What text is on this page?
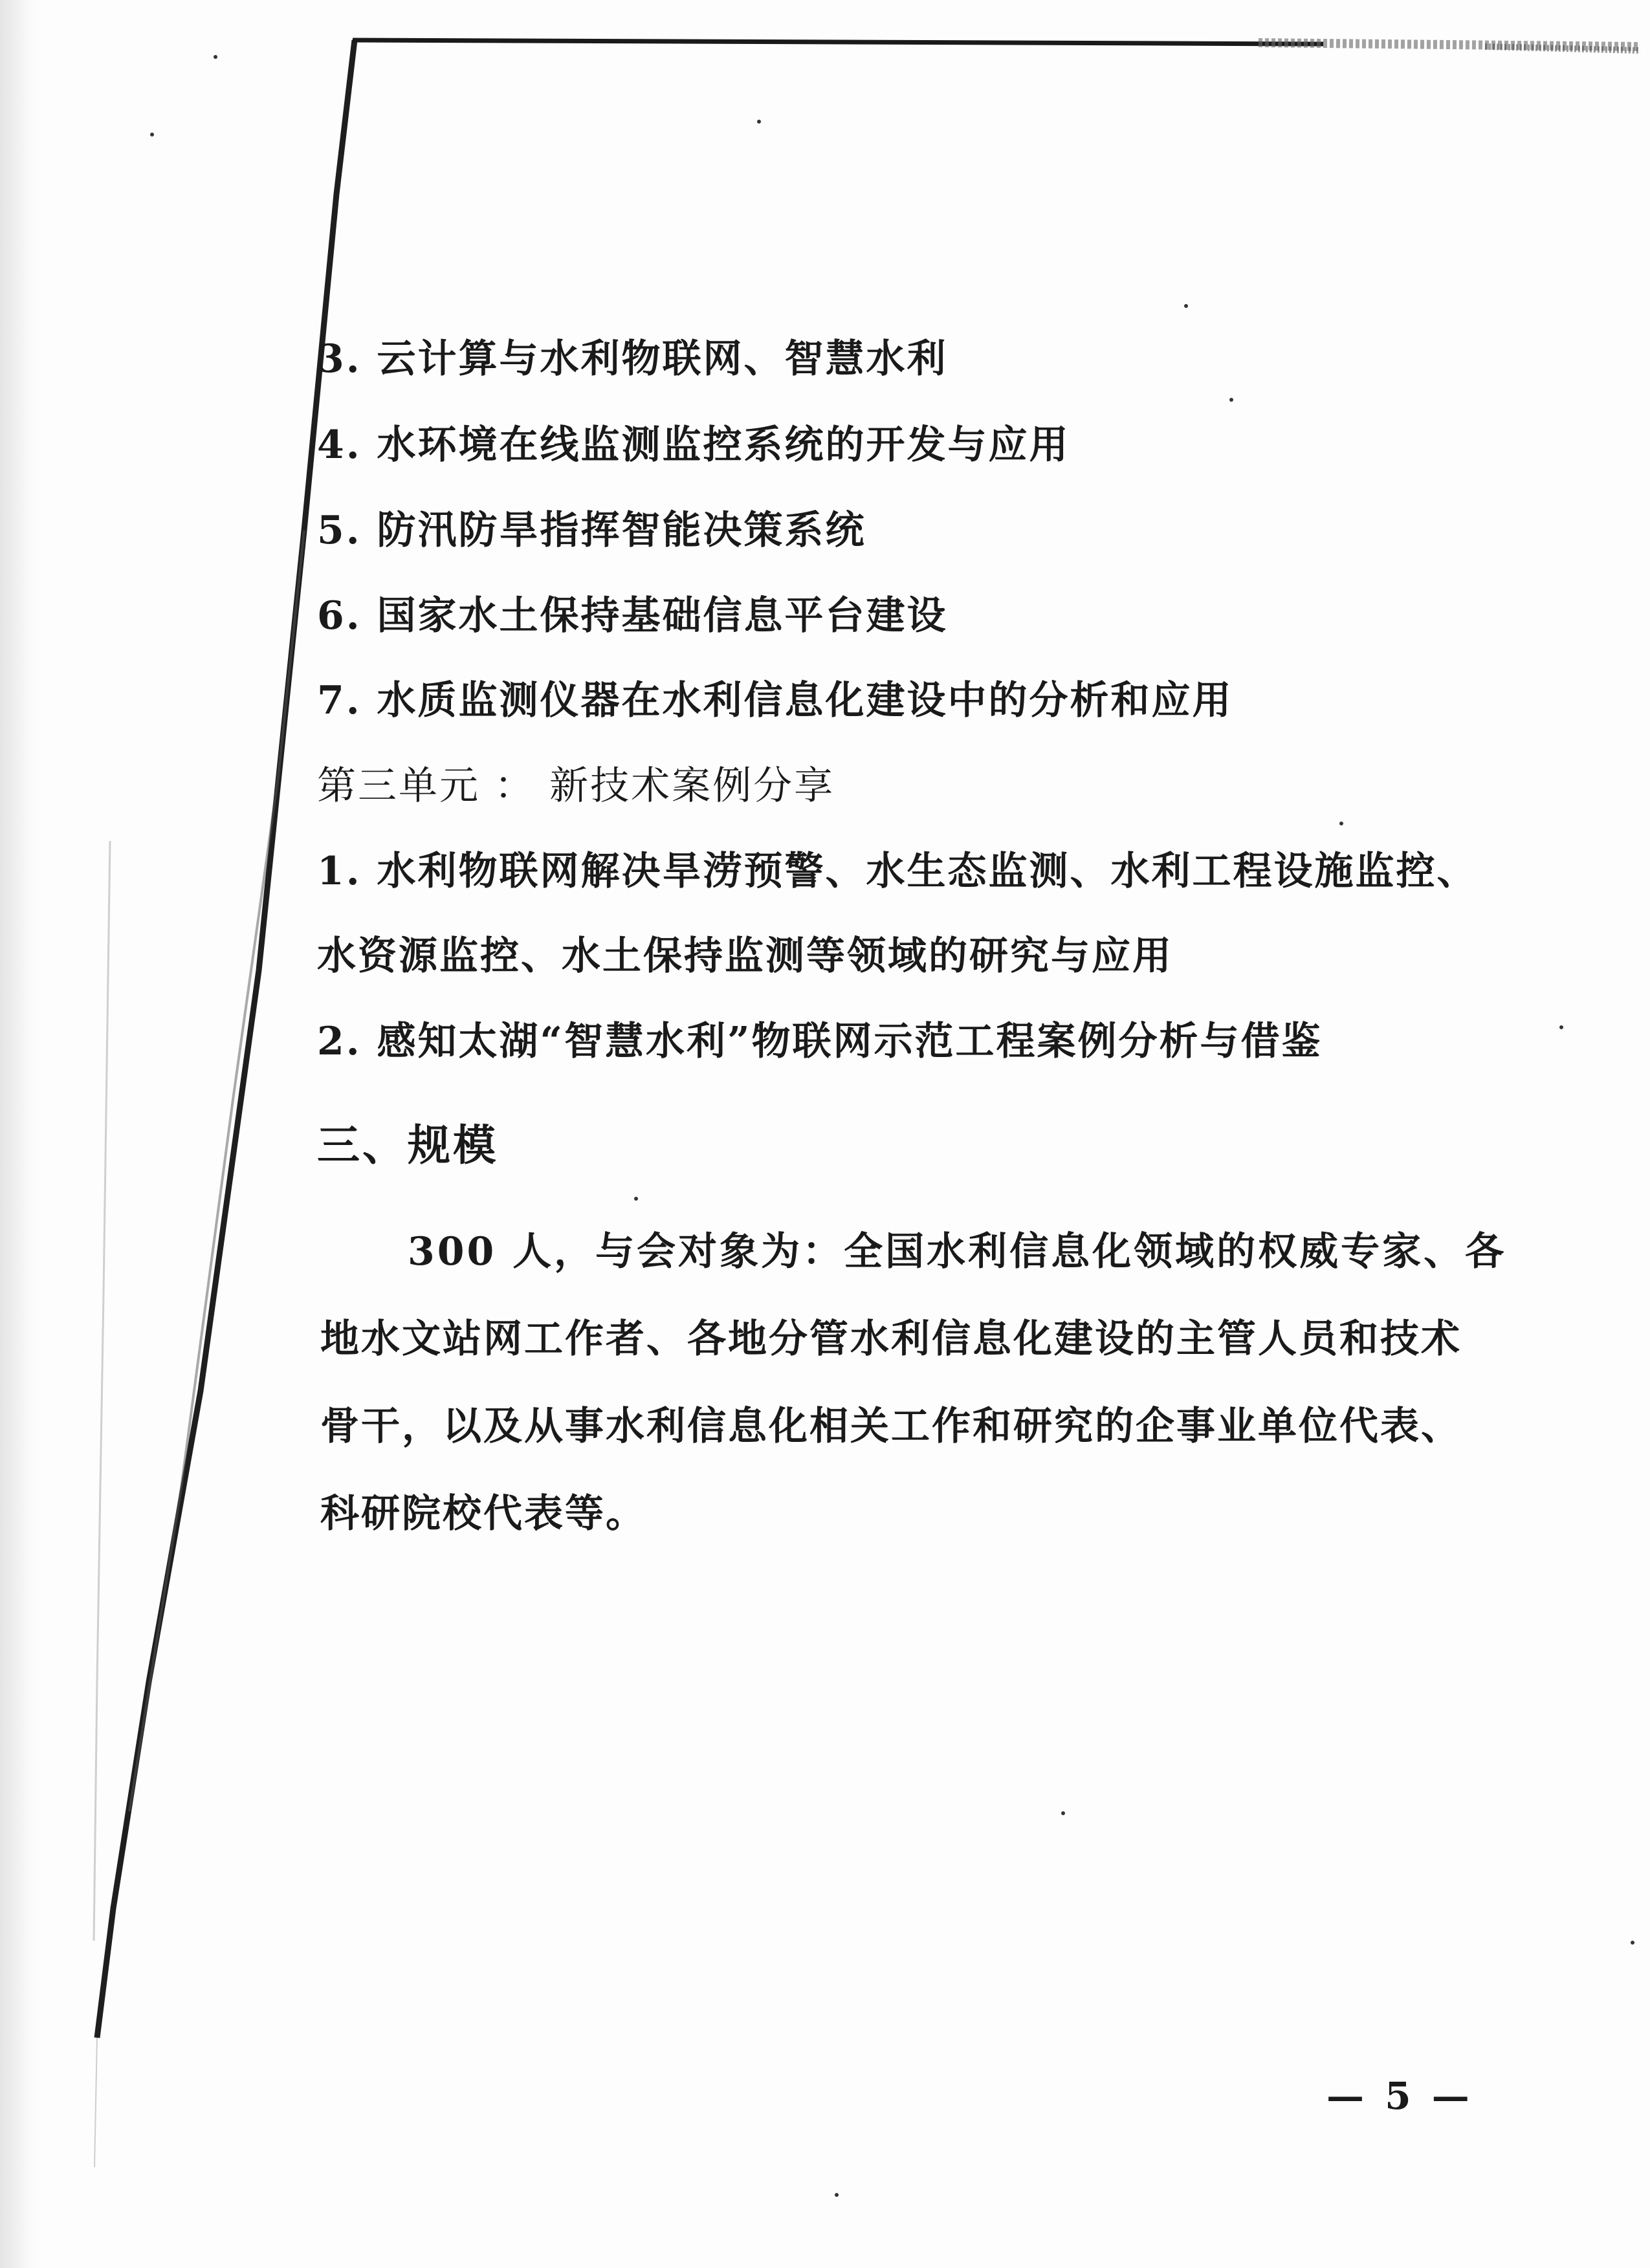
3. 云计算与水利物联网、智慧水利
4. 水环境在线监测监控系统的开发与应用
5. 防汛防旱指挥智能决策系统
6. 国家水土保持基础信息平台建设
7. 水质监测仪器在水利信息化建设中的分析和应用
第三单元 ： 新技术案例分享
1. 水利物联网解决旱涝预警、水生态监测、水利工程设施监控、
水资源监控、水土保持监测等领域的研究与应用
2. 感知太湖“智慧水利”物联网示范工程案例分析与借鉴
三、规模
300 人，与会对象为：全国水利信息化领域的权威专家、各
地水文站网工作者、各地分管水利信息化建设的主管人员和技术
骨干，以及从事水利信息化相关工作和研究的企事业单位代表、
科研院校代表等。
— 5 —
